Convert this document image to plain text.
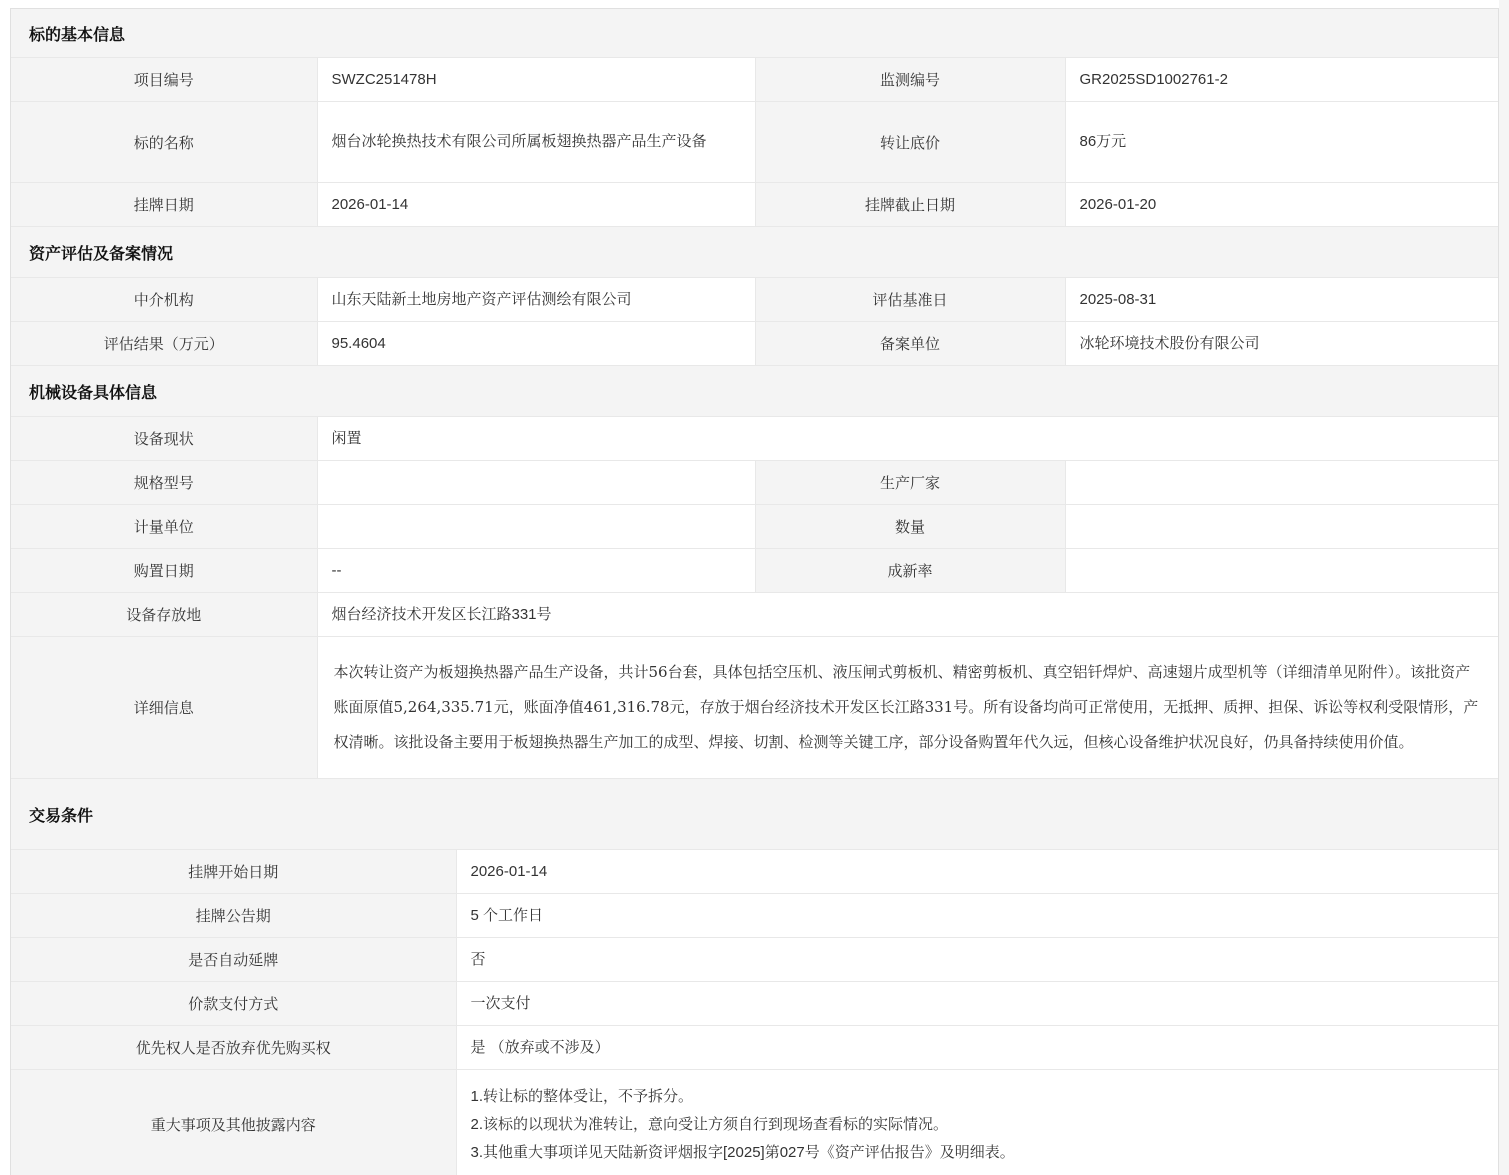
标的基本信息
项目编号	SWZC251478H	监测编号	GR2025SD1002761-2
标的名称	烟台冰轮换热技术有限公司所属板翅换热器产品生产设备	转让底价	86万元
挂牌日期	2026-01-14	挂牌截止日期	2026-01-20
资产评估及备案情况
中介机构	山东天陆新土地房地产资产评估测绘有限公司	评估基准日	2025-08-31
评估结果（万元）	95.4604	备案单位	冰轮环境技术股份有限公司
机械设备具体信息
设备现状	闲置		
规格型号		生产厂家	
计量单位		数量	
购置日期	--	成新率	
设备存放地	烟台经济技术开发区长江路331号		
详细信息	本次转让资产为板翅换热器产品生产设备，共计56台套，具体包括空压机、液压闸式剪板机、精密剪板机、真空铝钎焊炉、高速翅片成型机等（详细清单见附件）。该批资产账面原值5,264,335.71元，账面净值461,316.78元，存放于烟台经济技术开发区长江路331号。所有设备均尚可正常使用，无抵押、质押、担保、诉讼等权利受限情形，产权清晰。该批设备主要用于板翅换热器生产加工的成型、焊接、切割、检测等关键工序，部分设备购置年代久远，但核心设备维护状况良好，仍具备持续使用价值。		
交易条件
挂牌开始日期	2026-01-14
挂牌公告期	5 个工作日
是否自动延牌	否
价款支付方式	一次支付
优先权人是否放弃优先购买权	是 （放弃或不涉及）
重大事项及其他披露内容	1.转让标的整体受让，不予拆分。

2.该标的以现状为准转让，意向受让方须自行到现场查看标的实际情况。

3.其他重大事项详见天陆新资评烟报字[2025]第027号《资产评估报告》及明细表。
